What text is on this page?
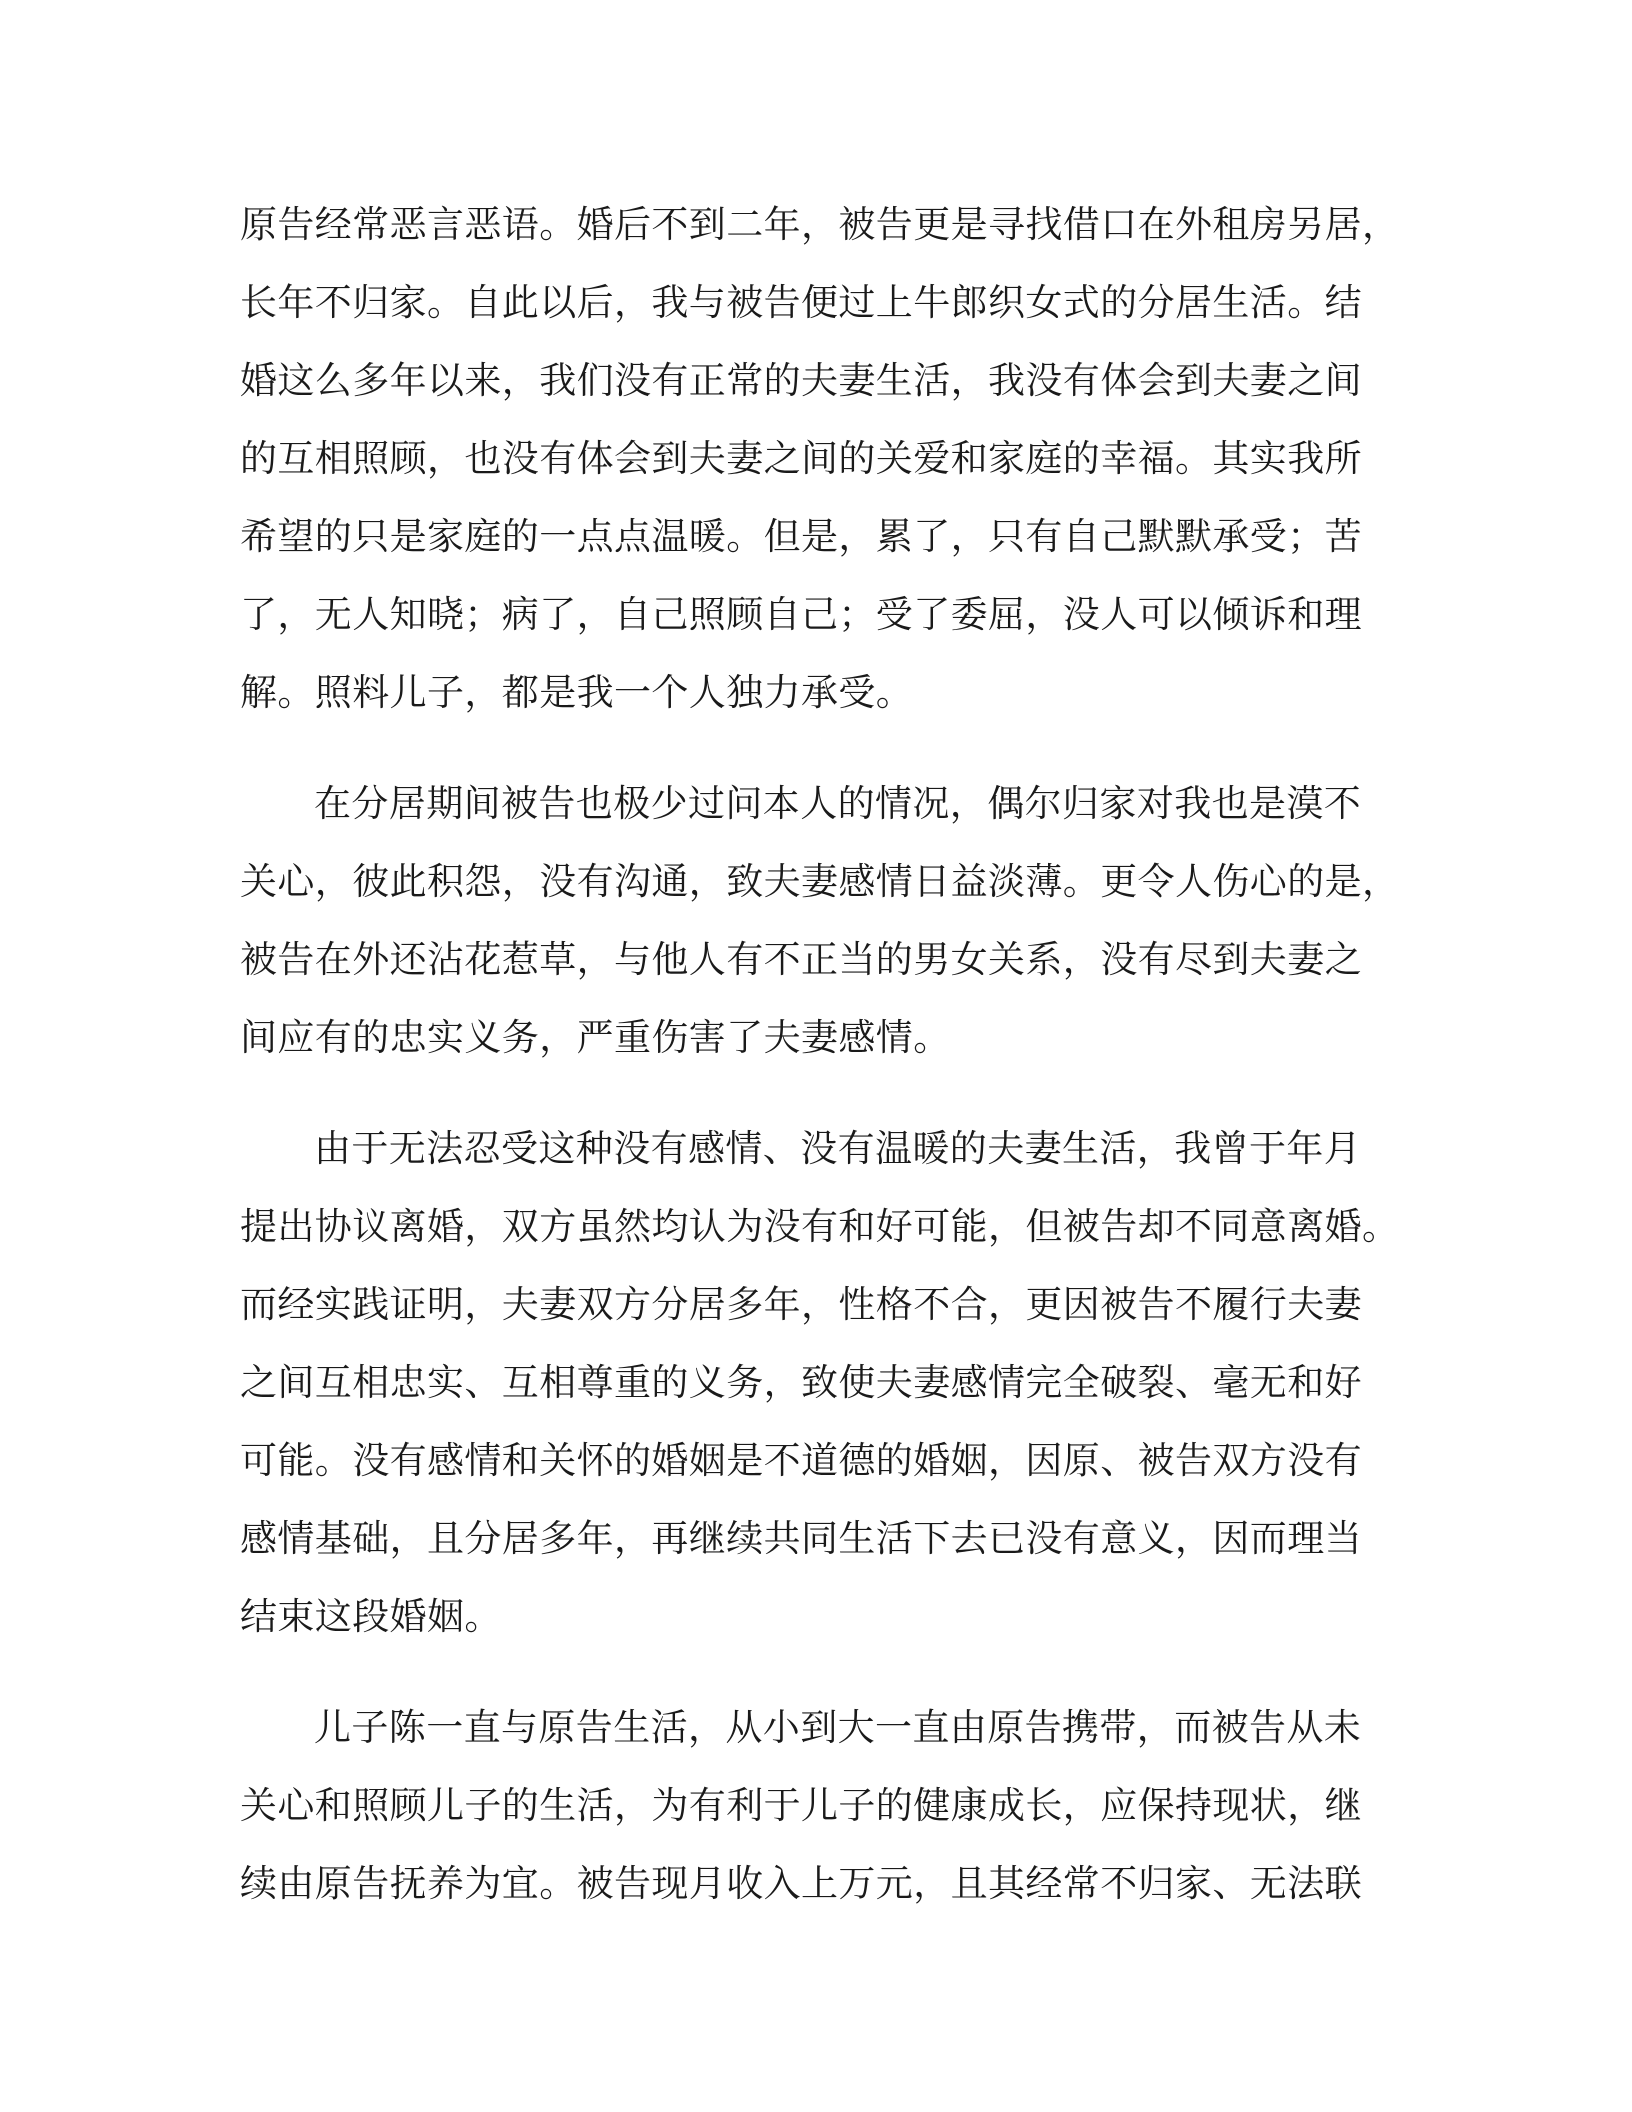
原告经常恶言恶语。婚后不到二年，被告更是寻找借口在外租房另居，
长年不归家。自此以后，我与被告便过上牛郎织女式的分居生活。结
婚这么多年以来，我们没有正常的夫妻生活，我没有体会到夫妻之间
的互相照顾，也没有体会到夫妻之间的关爱和家庭的幸福。其实我所
希望的只是家庭的一点点温暖。但是，累了，只有自己默默承受；苦
了，无人知晓；病了，自己照顾自己；受了委屈，没人可以倾诉和理
解。照料儿子，都是我一个人独力承受。
在分居期间被告也极少过问本人的情况，偶尔归家对我也是漠不
关心，彼此积怨，没有沟通，致夫妻感情日益淡薄。更令人伤心的是，
被告在外还沾花惹草，与他人有不正当的男女关系，没有尽到夫妻之
间应有的忠实义务，严重伤害了夫妻感情。
由于无法忍受这种没有感情、没有温暖的夫妻生活，我曾于年月
提出协议离婚，双方虽然均认为没有和好可能，但被告却不同意离婚。
而经实践证明，夫妻双方分居多年，性格不合，更因被告不履行夫妻
之间互相忠实、互相尊重的义务，致使夫妻感情完全破裂、毫无和好
可能。没有感情和关怀的婚姻是不道德的婚姻，因原、被告双方没有
感情基础，且分居多年，再继续共同生活下去已没有意义，因而理当
结束这段婚姻。
儿子陈一直与原告生活，从小到大一直由原告携带，而被告从未
关心和照顾儿子的生活，为有利于儿子的健康成长，应保持现状，继
续由原告抚养为宜。被告现月收入上万元，且其经常不归家、无法联
